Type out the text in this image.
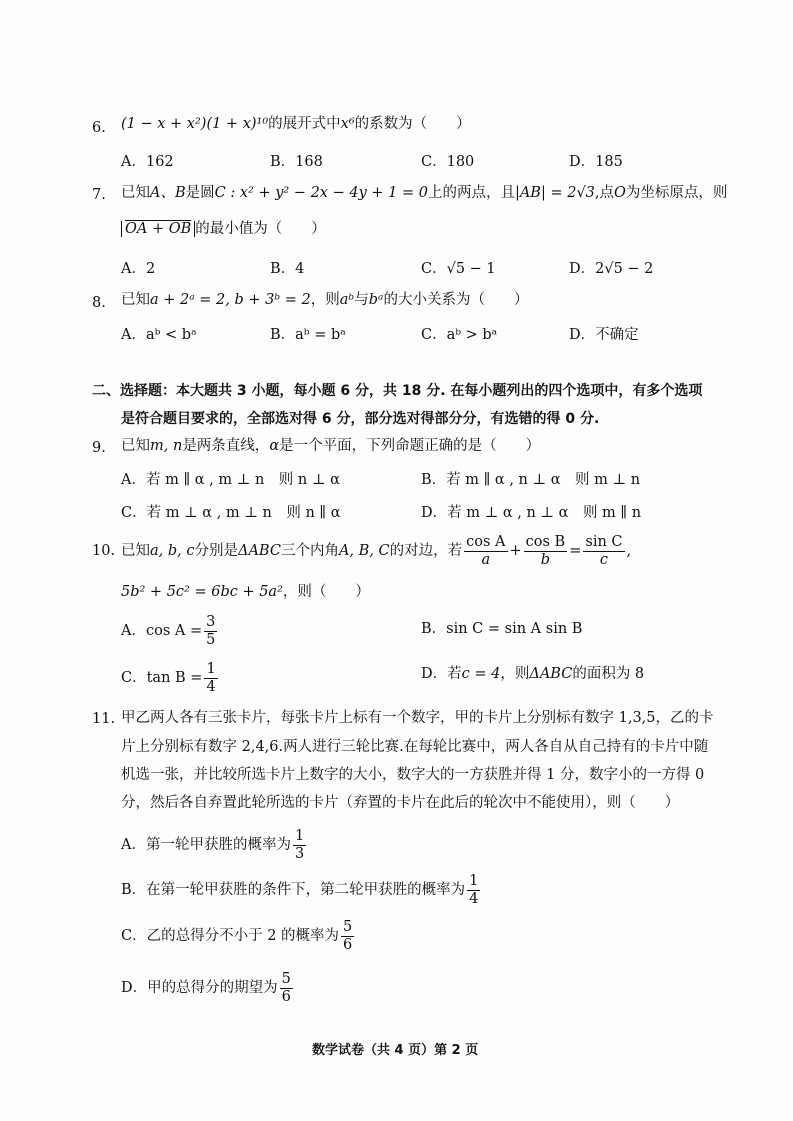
6. (1 − x + x²)(1 + x)¹⁰的展开式中x⁶的系数为（　　）
A．162	B．168	C．180	D．185
7. 已知A、B是圆C : x² + y² − 2x − 4y + 1 = 0上的两点，且|AB| = 2√3,点O为坐标原点，则
OA + OB 的最小值为（　　）
A．2	B．4	C．√5 − 1	D．2√5 − 2
8. 已知a + 2ᵃ = 2, b + 3ᵇ = 2，则aᵇ与bᵃ的大小关系为（　　）
A．aᵇ < bᵃ	B．aᵇ = bᵃ	C．aᵇ > bᵃ	D．不确定
二、选择题：本大题共 3 小题，每小题 6 分，共 18 分. 在每小题列出的四个选项中，有多个选项
是符合题目要求的，全部选对得 6 分，部分选对得部分分，有选错的得 0 分.
9. 已知m, n是两条直线，α是一个平面，下列命题正确的是（　　）
A．若 m ∥ α , m ⊥ n　则 n ⊥ α	B．若 m ∥ α , n ⊥ α　则 m ⊥ n
C．若 m ⊥ α , m ⊥ n　则 n ∥ α	D．若 m ⊥ α , n ⊥ α　则 m ∥ n
10. 已知a, b, c分别是ΔABC三个内角A, B, C的对边，若 $\frac{\text{cos A}}{a} + \frac{\text{cos B}}{b} = \frac{\text{sin C}}{c}$ ,
5b² + 5c² = 6bc + 5a²，则（　　）
A．$\cos A = \frac{3}{5}$	B．sin C = sin A sin B
C．$\tan B = \frac{1}{4}$	D．若c = 4，则ΔABC的面积为 8
11. 甲乙两人各有三张卡片，每张卡片上标有一个数字，甲的卡片上分别标有数字 1,3,5，乙的卡
片上分别标有数字 2,4,6.两人进行三轮比赛.在每轮比赛中，两人各自从自己持有的卡片中随
机选一张，并比较所选卡片上数字的大小，数字大的一方获胜并得 1 分，数字小的一方得 0
分，然后各自弃置此轮所选的卡片（弃置的卡片在此后的轮次中不能使用），则（　　）
A．第一轮甲获胜的概率为 $\frac{1}{3}$
B．在第一轮甲获胜的条件下，第二轮甲获胜的概率为 $\frac{1}{4}$
C．乙的总得分不小于 2 的概率为 $\frac{5}{6}$
D．甲的总得分的期望为 $\frac{5}{6}$
数学试卷（共 4 页）第 2 页
